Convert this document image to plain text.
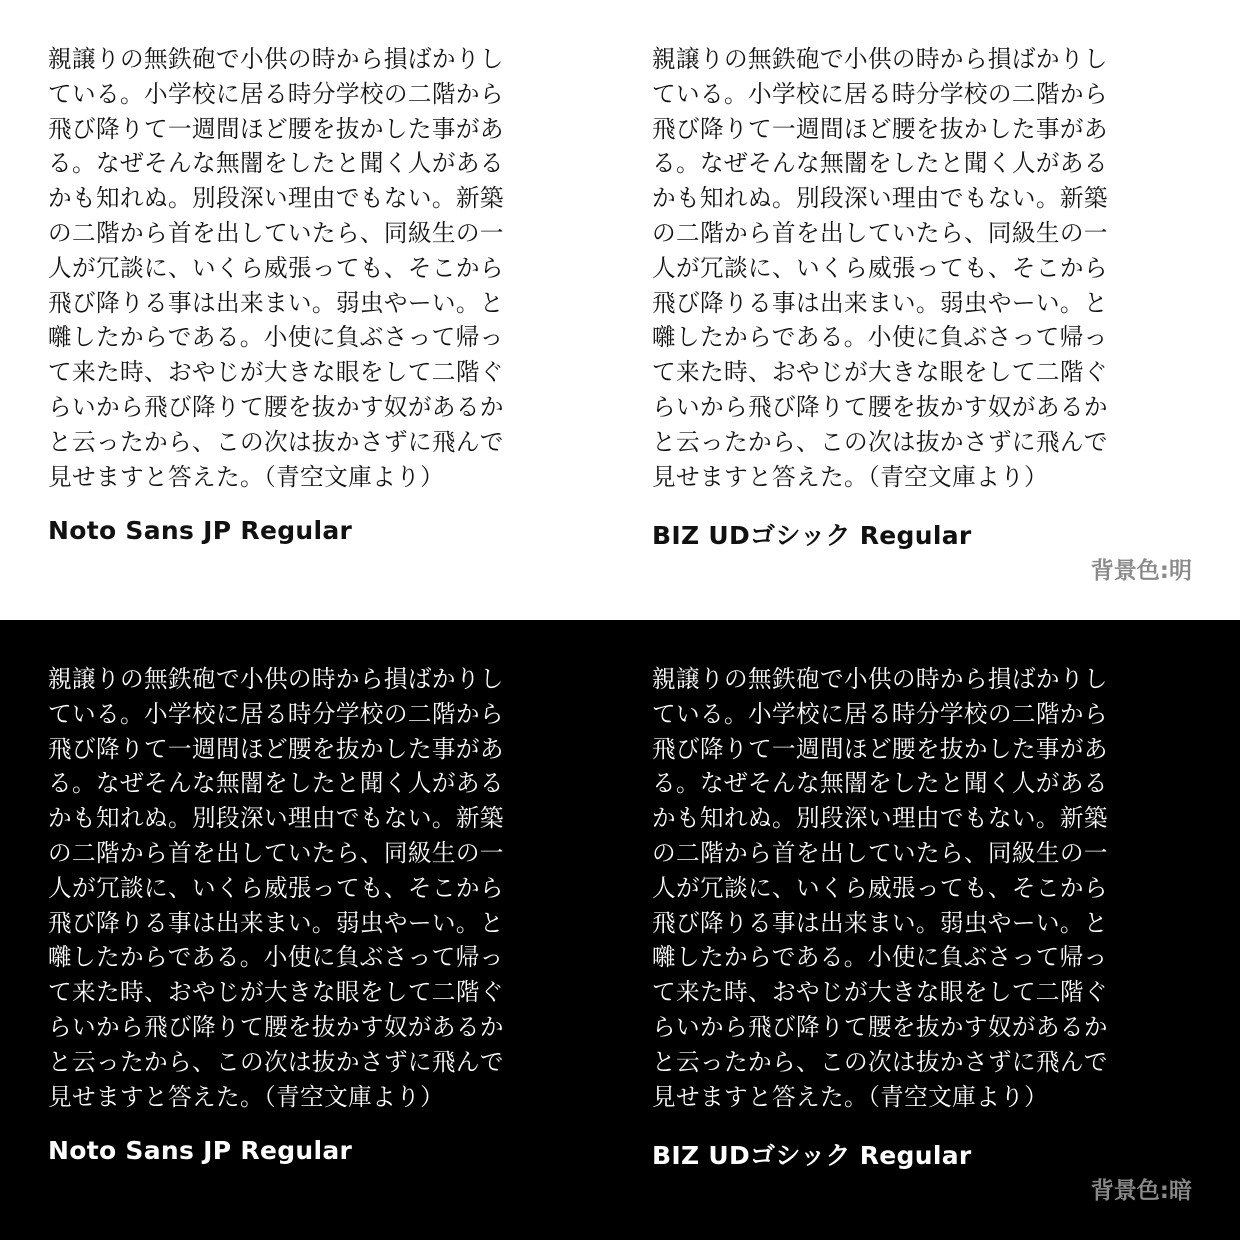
親譲りの無鉄砲で小供の時から損ばかりし
ている。小学校に居る時分学校の二階から
飛び降りて一週間ほど腰を抜かした事があ
る。なぜそんな無闇をしたと聞く人がある
かも知れぬ。別段深い理由でもない。新築
の二階から首を出していたら、同級生の一
人が冗談に、いくら威張っても、そこから
飛び降りる事は出来まい。弱虫やーい。と
囃したからである。小使に負ぶさって帰っ
て来た時、おやじが大きな眼をして二階ぐ
らいから飛び降りて腰を抜かす奴があるか
と云ったから、この次は抜かさずに飛んで
見せますと答えた。（青空文庫より）

Noto Sans JP Regular

親譲りの無鉄砲で小供の時から損ばかりし
ている。小学校に居る時分学校の二階から
飛び降りて一週間ほど腰を抜かした事があ
る。なぜそんな無闇をしたと聞く人がある
かも知れぬ。別段深い理由でもない。新築
の二階から首を出していたら、同級生の一
人が冗談に、いくら威張っても、そこから
飛び降りる事は出来まい。弱虫やーい。と
囃したからである。小使に負ぶさって帰っ
て来た時、おやじが大きな眼をして二階ぐ
らいから飛び降りて腰を抜かす奴があるか
と云ったから、この次は抜かさずに飛んで
見せますと答えた。（青空文庫より）

BIZ UDゴシック Regular

背景色:明

親譲りの無鉄砲で小供の時から損ばかりし
ている。小学校に居る時分学校の二階から
飛び降りて一週間ほど腰を抜かした事があ
る。なぜそんな無闇をしたと聞く人がある
かも知れぬ。別段深い理由でもない。新築
の二階から首を出していたら、同級生の一
人が冗談に、いくら威張っても、そこから
飛び降りる事は出来まい。弱虫やーい。と
囃したからである。小使に負ぶさって帰っ
て来た時、おやじが大きな眼をして二階ぐ
らいから飛び降りて腰を抜かす奴があるか
と云ったから、この次は抜かさずに飛んで
見せますと答えた。（青空文庫より）

Noto Sans JP Regular

親譲りの無鉄砲で小供の時から損ばかりし
ている。小学校に居る時分学校の二階から
飛び降りて一週間ほど腰を抜かした事があ
る。なぜそんな無闇をしたと聞く人がある
かも知れぬ。別段深い理由でもない。新築
の二階から首を出していたら、同級生の一
人が冗談に、いくら威張っても、そこから
飛び降りる事は出来まい。弱虫やーい。と
囃したからである。小使に負ぶさって帰っ
て来た時、おやじが大きな眼をして二階ぐ
らいから飛び降りて腰を抜かす奴があるか
と云ったから、この次は抜かさずに飛んで
見せますと答えた。（青空文庫より）

BIZ UDゴシック Regular

背景色:暗
